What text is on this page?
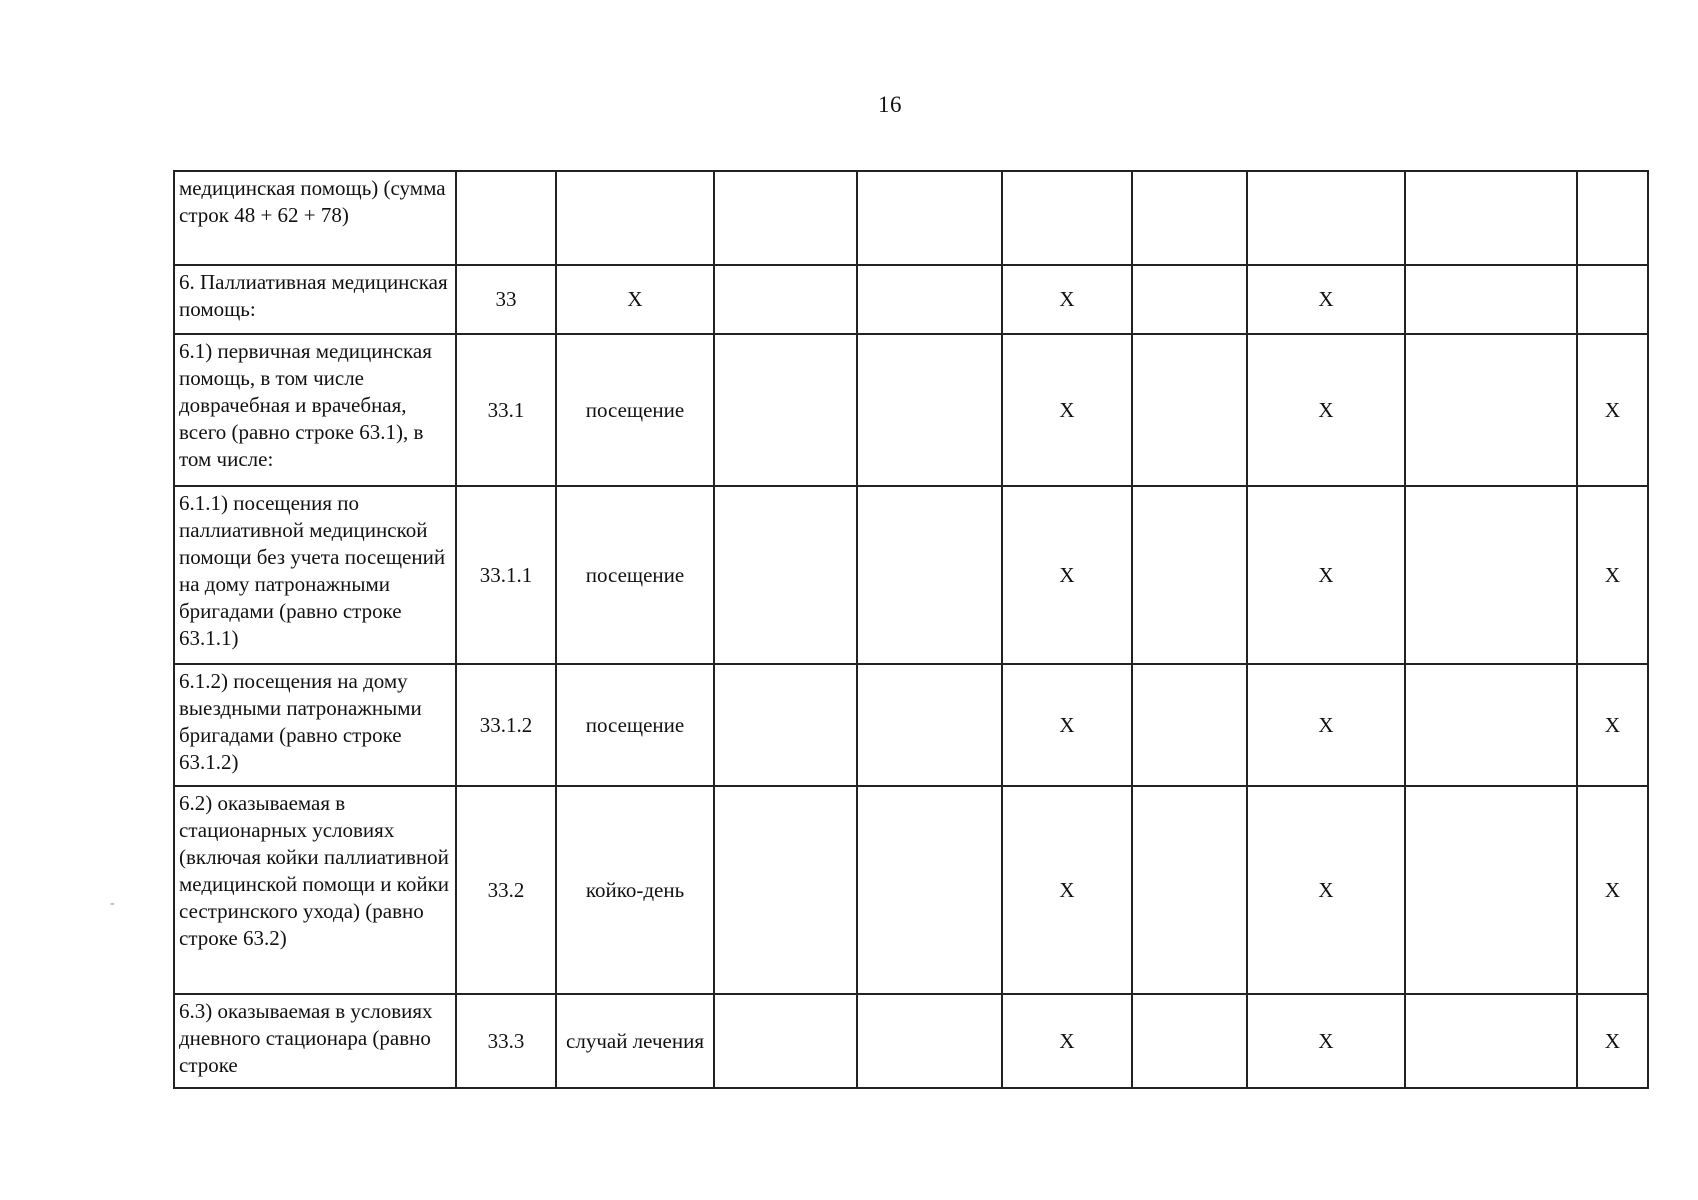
16
-
медицинская помощь) (сумма строк 48 + 62 + 78)									
6. Паллиативная медицинская помощь:	33	Х			Х		Х		
6.1) первичная медицинская помощь, в том числе доврачебная и врачебная, всего (равно строке 63.1), в том числе:	33.1	посещение			Х		Х		Х
6.1.1) посещения по паллиативной медицинской помощи без учета посещений на дому патронажными бригадами (равно строке 63.1.1)	33.1.1	посещение			Х		Х		Х
6.1.2) посещения на дому выездными патронажными бригадами (равно строке 63.1.2)	33.1.2	посещение			Х		Х		Х
6.2) оказываемая в стационарных условиях (включая койки паллиативной медицинской помощи и койки сестринского ухода) (равно строке 63.2)	33.2	койко-день			Х		Х		Х
6.3) оказываемая в условиях дневного стационара (равно строке	33.3	случай лечения			Х		Х		Х
